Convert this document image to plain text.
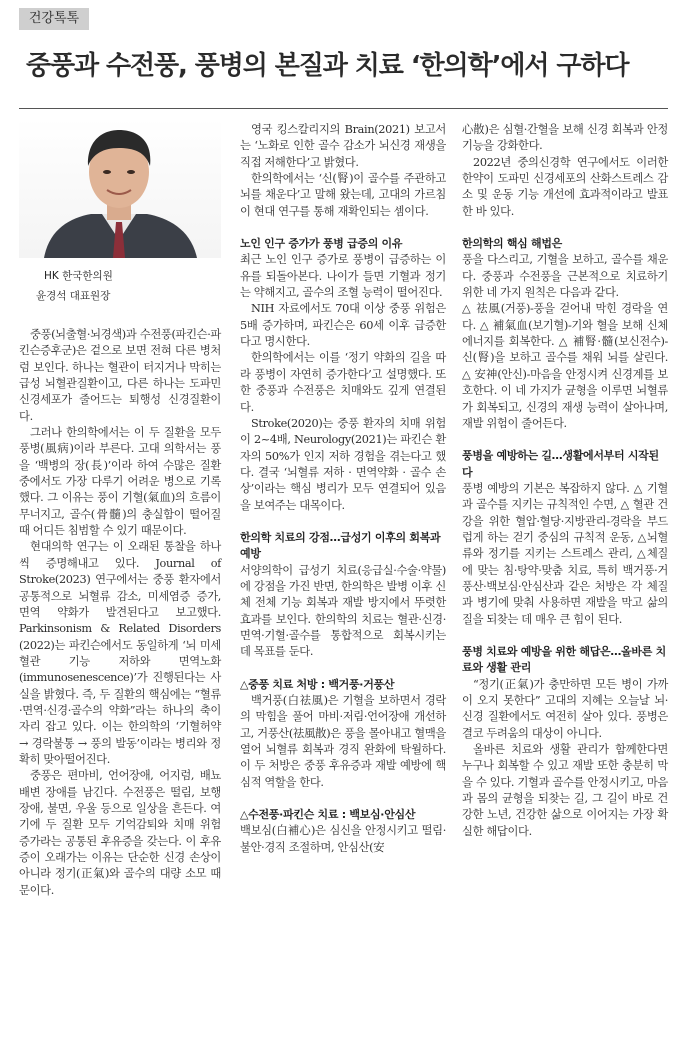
건강톡톡
중풍과 수전풍, 풍병의 본질과 치료 ‘한의학’에서 구하다
HK 한국한의원
윤경석 대표원장

중풍(뇌출혈·뇌경색)과 수전풍(파킨슨·파킨슨증후군)은 겉으로 보면 전혀 다른 병처럼 보인다. 하나는 혈관이 터지거나 막히는 급성 뇌혈관질환이고, 다른 하나는 도파민 신경세포가 줄어드는 퇴행성 신경질환이다.

그러나 한의학에서는 이 두 질환을 모두 풍병(風病)이라 부른다. 고대 의학서는 풍을 ‘백병의 장(長)’이라 하여 수많은 질환 중에서도 가장 다루기 어려운 병으로 기록했다. 그 이유는 풍이 기혈(氣血)의 흐름이 무너지고, 골수(骨髓)의 충실함이 떨어질 때 어디든 침범할 수 있기 때문이다.

현대의학 연구는 이 오래된 통찰을 하나씩 증명해내고 있다. Journal of Stroke(2023) 연구에서는 중풍 환자에서 공통적으로 뇌혈류 감소, 미세염증 증가, 면역 약화가 발견된다고 보고했다. Parkinsonism & Related Disorders (2022)는 파킨슨에서도 동일하게 ‘뇌 미세혈관 기능 저하와 면역노화 (immunosenescence)’가 진행된다는 사실을 밝혔다. 즉, 두 질환의 핵심에는 “혈류·면역·신경·골수의 약화”라는 하나의 축이 자리 잡고 있다. 이는 한의학의 ‘기혈허약 → 경락불통 → 풍의 발동’이라는 병리와 정확히 맞아떨어진다.

중풍은 편마비, 언어장애, 어지럼, 배뇨배변 장애를 남긴다. 수전풍은 떨림, 보행 장애, 불면, 우울 등으로 일상을 흔든다. 여기에 두 질환 모두 기억감퇴와 치매 위험 증가라는 공통된 후유증을 갖는다. 이 후유증이 오래가는 이유는 단순한 신경 손상이 아니라 정기(正氣)와 골수의 대량 소모 때문이다.

영국 킹스칼리지의 Brain(2021) 보고서는 ‘노화로 인한 골수 감소가 뇌신경 재생을 직접 저해한다’고 밝혔다.

한의학에서는 ‘신(腎)이 골수를 주관하고 뇌를 채운다’고 말해 왔는데, 고대의 가르침이 현대 연구를 통해 재확인되는 셈이다.

노인 인구 증가가 풍병 급증의 이유

최근 노인 인구 증가로 풍병이 급증하는 이유를 되돌아본다. 나이가 들면 기혈과 정기는 약해지고, 골수의 조혈 능력이 떨어진다.

NIH 자료에서도 70대 이상 중풍 위험은 5배 증가하며, 파킨슨은 60세 이후 급증한다고 명시한다.

한의학에서는 이를 ‘정기 약화의 길을 따라 풍병이 자연히 증가한다’고 설명했다. 또한 중풍과 수전풍은 치매와도 깊게 연결된다.

Stroke(2020)는 중풍 환자의 치매 위험이 2~4배, Neurology(2021)는 파킨슨 환자의 50%가 인지 저하 경험을 겪는다고 했다. 결국 ‘뇌혈류 저하 · 면역약화 · 골수 손상’이라는 핵심 병리가 모두 연결되어 있음을 보여주는 대목이다.

한의학 치료의 강점…급성기 이후의 회복과 예방

서양의학이 급성기 치료(응급실·수술·약물)에 강점을 가진 반면, 한의학은 발병 이후 신체 전체 기능 회복과 재발 방지에서 뚜렷한 효과를 보인다. 한의학의 치료는 혈관·신경·면역·기혈·골수를 통합적으로 회복시키는 데 목표를 둔다.

△중풍 치료 처방 : 백거풍·거풍산

백거풍(白祛風)은 기혈을 보하면서 경락의 막힘을 풀어 마비·저림·언어장애 개선하고, 거풍산(祛風散)은 풍을 몰아내고 혈맥을 열어 뇌혈류 회복과 경직 완화에 탁월하다. 이 두 처방은 중풍 후유증과 재발 예방에 핵심적 역할을 한다.

△수전풍·파킨슨 치료 : 백보심·안심산

백보심(白補心)은 심신을 안정시키고 떨림·불안·경직 조절하며, 안심산(安

心散)은 심혈·간혈을 보해 신경 회복과 안정 기능을 강화한다.

2022년 중의신경학 연구에서도 이러한 한약이 도파민 신경세포의 산화스트레스 감소 및 운동 기능 개선에 효과적이라고 발표한 바 있다.

한의학의 핵심 해법은

풍을 다스리고, 기혈을 보하고, 골수를 채운다. 중풍과 수전풍을 근본적으로 치료하기 위한 네 가지 원칙은 다음과 같다.

△ 祛風(거풍)-풍을 걷어내 막힌 경락을 연다. △ 補氣血(보기혈)-기와 혈을 보해 신체 에너지를 회복한다. △ 補腎·髓(보신전수)-신(腎)을 보하고 골수를 채워 뇌를 살린다. △ 安神(안신)-마음을 안정시켜 신경계를 보호한다. 이 네 가지가 균형을 이루면 뇌혈류가 회복되고, 신경의 재생 능력이 살아나며, 재발 위험이 줄어든다.

풍병을 예방하는 길…생활에서부터 시작된다

풍병 예방의 기본은 복잡하지 않다. △ 기혈과 골수를 지키는 규칙적인 수면, △ 혈관 건강을 위한 혈압·혈당·지방관리-경락을 부드럽게 하는 걷기 중심의 규칙적 운동, △뇌혈류와 정기를 지키는 스트레스 관리, △체질에 맞는 침·탕약·맞춤 치료, 특히 백거풍·거풍산·백보심·안심산과 같은 처방은 각 체질과 병기에 맞춰 사용하면 재발을 막고 삶의 질을 되찾는 데 매우 큰 힘이 된다.

풍병 치료와 예방을 위한 해답은…올바른 치료와 생활 관리

“정기(正氣)가 충만하면 모든 병이 가까이 오지 못한다” 고대의 지혜는 오늘날 뇌·신경 질환에서도 여전히 살아 있다. 풍병은 결코 두려움의 대상이 아니다.

올바른 치료와 생활 관리가 함께한다면 누구나 회복할 수 있고 재발 또한 충분히 막을 수 있다. 기혈과 골수를 안정시키고, 마음과 몸의 균형을 되찾는 길, 그 길이 바로 건강한 노년, 건강한 삶으로 이어지는 가장 확실한 해답이다.
